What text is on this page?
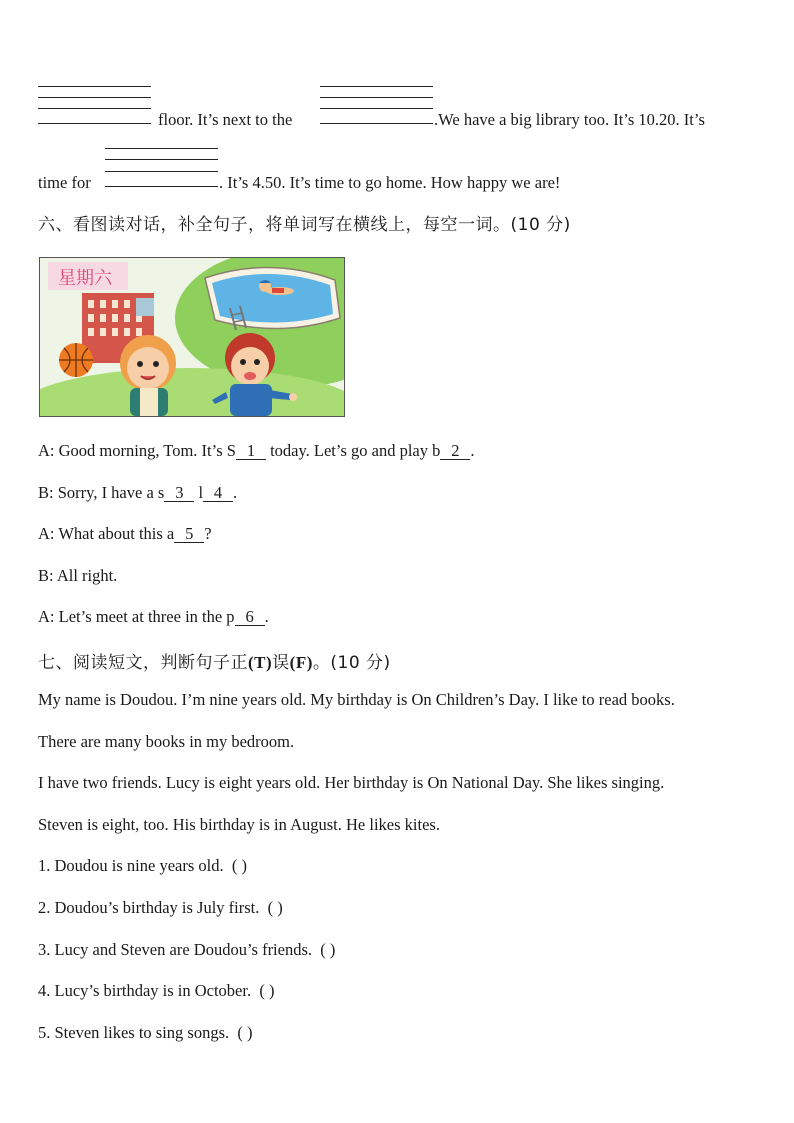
floor. It’s next to the	.We have a big library too. It’s 10.20. It’s
time for	. It’s 4.50. It’s time to go home. How happy we are!
六、看图读对话，补全句子，将单词写在横线上，每空一词。(10 分)
星期六
A: Good morning, Tom. It’s S 1 today. Let’s go and play b 2 .
B: Sorry, I have a s 3 l 4 .
A: What about this a 5 ?
B: All right.
A: Let’s meet at three in the p 6 .
七、阅读短文，判断句子正(T)误(F)。(10 分)
My name is Doudou. I’m nine years old. My birthday is On Children’s Day. I like to read books.
There are many books in my bedroom.
I have two friends. Lucy is eight years old. Her birthday is On National Day. She likes singing.
Steven is eight, too. His birthday is in August. He likes kites.
1. Doudou is nine years old. ( )
2. Doudou’s birthday is July first. ( )
3. Lucy and Steven are Doudou’s friends. ( )
4. Lucy’s birthday is in October. ( )
5. Steven likes to sing songs. ( )
